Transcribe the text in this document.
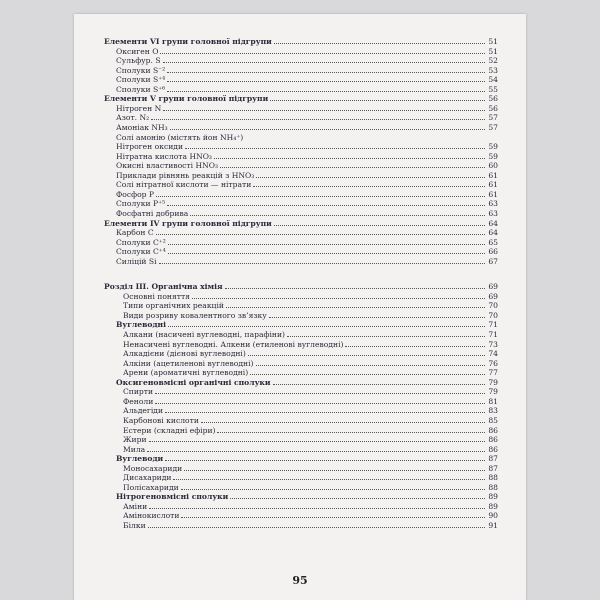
Елементи VI групи головної підгрупи	51
Оксиген O	51
Сульфур. S	52
Сполуки S⁻²	53
Сполуки S⁺⁴	54
Сполуки S⁺⁶	55
Елементи V групи головної підгрупи	56
Нітроген N	56
Азот. N₂	57
Амоніак NH₃	57
Солі амонію (містять йон NH₄⁺)
Нітроген оксиди	59
Нітратна кислота HNO₃	59
Окисні властивості HNO₃	60
Приклади рівнянь реакцій з HNO₃	61
Солі нітратної кислоти — нітрати	61
Фосфор P	61
Сполуки P⁺⁵	63
Фосфатні добрива	63
Елементи IV групи головної підгрупи	64
Карбон C	64
Сполуки C⁺²	65
Сполуки C⁺⁴	66
Силіцій Si	67
Розділ III. Органічна хімія	69
Основні поняття	69
Типи органічних реакцій	70
Види розриву ковалентного зв’язку	70
Вуглеводні	71
Алкани (насичені вуглеводні, парафіни)	71
Ненасичені вуглеводні. Алкени (етиленові вуглеводні)	73
Алкадієни (дієнові вуглеводні)	74
Алкіни (ацетиленові вуглеводні)	76
Арени (ароматичні вуглеводні)	77
Оксигеновмісні органічні сполуки	79
Спирти	79
Феноли	81
Альдегіди	83
Карбонові кислоти	85
Естери (складні ефіри)	86
Жири	86
Мила	86
Вуглеводи	87
Моносахариди	87
Дисахариди	88
Полісахариди	88
Нітрогеновмісні сполуки	89
Аміни	89
Амінокислоти	90
Білки	91
95
